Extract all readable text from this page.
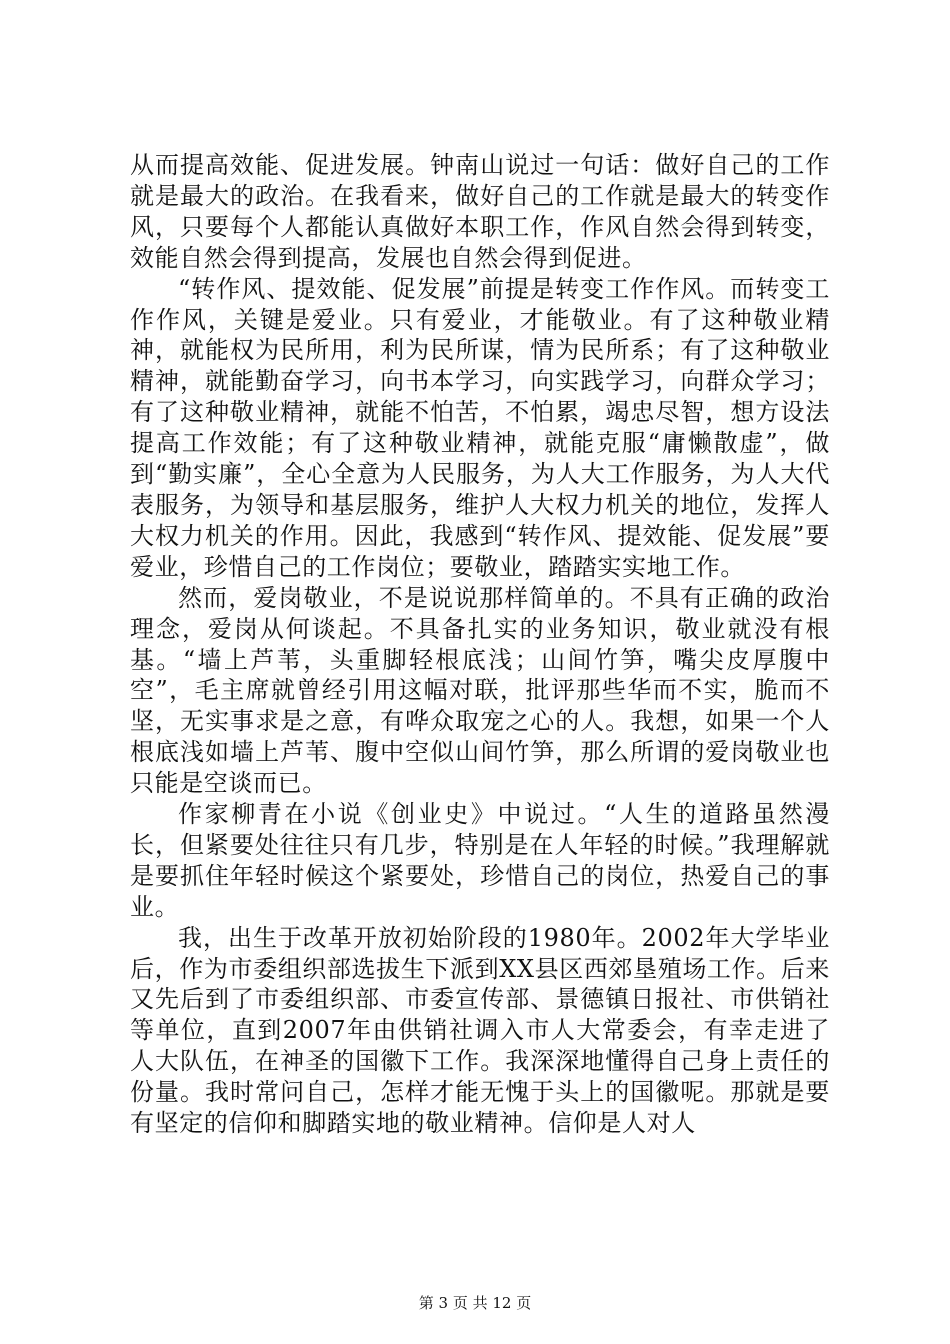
从而提高效能、促进发展。钟南山说过一句话：做好自己的工作就是最大的政治。在我看来，做好自己的工作就是最大的转变作风，只要每个人都能认真做好本职工作，作风自然会得到转变，效能自然会得到提高，发展也自然会得到促进。

“转作风、提效能、促发展”前提是转变工作作风。而转变工作作风，关键是爱业。只有爱业，才能敬业。有了这种敬业精神，就能权为民所用，利为民所谋，情为民所系；有了这种敬业精神，就能勤奋学习，向书本学习，向实践学习，向群众学习；有了这种敬业精神，就能不怕苦，不怕累，竭忠尽智，想方设法提高工作效能；有了这种敬业精神，就能克服“庸懒散虚”，做到“勤实廉”，全心全意为人民服务，为人大工作服务，为人大代表服务，为领导和基层服务，维护人大权力机关的地位，发挥人大权力机关的作用。因此，我感到“转作风、提效能、促发展”要爱业，珍惜自己的工作岗位；要敬业，踏踏实实地工作。

然而，爱岗敬业，不是说说那样简单的。不具有正确的政治理念，爱岗从何谈起。不具备扎实的业务知识，敬业就没有根基。“墙上芦苇，头重脚轻根底浅；山间竹笋，嘴尖皮厚腹中空”，毛主席就曾经引用这幅对联，批评那些华而不实，脆而不坚，无实事求是之意，有哗众取宠之心的人。我想，如果一个人根底浅如墙上芦苇、腹中空似山间竹笋，那么所谓的爱岗敬业也只能是空谈而已。

作家柳青在小说《创业史》中说过。“人生的道路虽然漫长，但紧要处往往只有几步，特别是在人年轻的时候。”我理解就是要抓住年轻时候这个紧要处，珍惜自己的岗位，热爱自己的事业。

我，出生于改革开放初始阶段的1980年。2002年大学毕业后，作为市委组织部选拔生下派到XX县区西郊垦殖场工作。后来又先后到了市委组织部、市委宣传部、景德镇日报社、市供销社等单位，直到2007年由供销社调入市人大常委会，有幸走进了人大队伍，在神圣的国徽下工作。我深深地懂得自己身上责任的份量。我时常问自己，怎样才能无愧于头上的国徽呢。那就是要有坚定的信仰和脚踏实地的敬业精神。信仰是人对人

第 3 页 共 12 页
